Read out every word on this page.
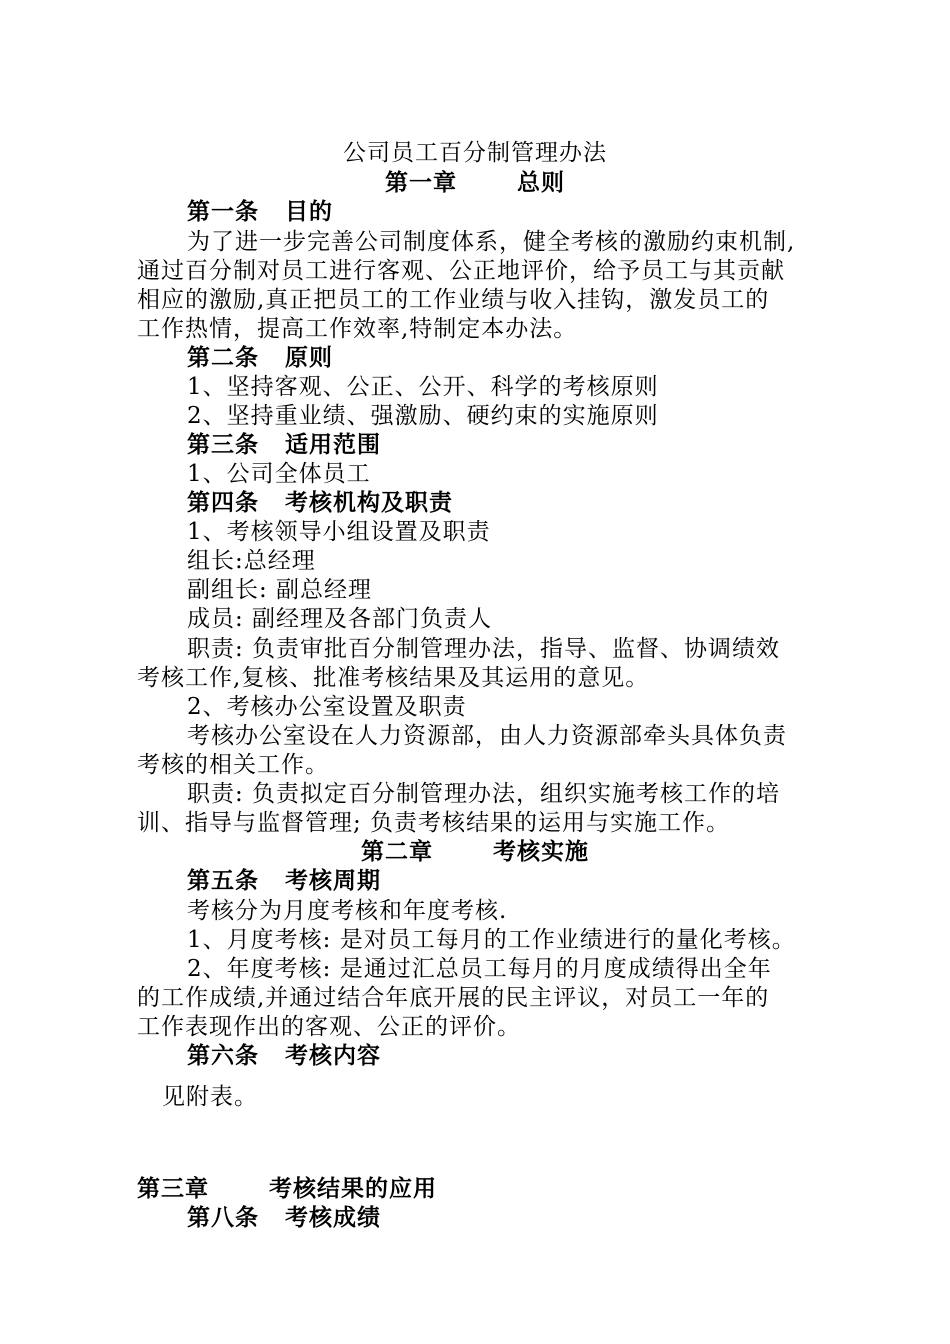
公司员工百分制管理办法
第一章	总则
第一条 目的
为了进一步完善公司制度体系，健全考核的激励约束机制,
通过百分制对员工进行客观、公正地评价，给予员工与其贡献
相应的激励,真正把员工的工作业绩与收入挂钩，激发员工的
工作热情，提高工作效率,特制定本办法。
第二条 原则
1、坚持客观、公正、公开、科学的考核原则
2、坚持重业绩、强激励、硬约束的实施原则
第三条 适用范围
1、公司全体员工
第四条 考核机构及职责
1、考核领导小组设置及职责
组长:总经理
副组长: 副总经理
成员: 副经理及各部门负责人
职责: 负责审批百分制管理办法，指导、监督、协调绩效
考核工作,复核、批准考核结果及其运用的意见。
2、考核办公室设置及职责
考核办公室设在人力资源部，由人力资源部牵头具体负责
考核的相关工作。
职责: 负责拟定百分制管理办法，组织实施考核工作的培
训、指导与监督管理; 负责考核结果的运用与实施工作。
第二章	考核实施
第五条 考核周期
考核分为月度考核和年度考核.
1、月度考核: 是对员工每月的工作业绩进行的量化考核。
2、年度考核: 是通过汇总员工每月的月度成绩得出全年
的工作成绩,并通过结合年底开展的民主评议，对员工一年的
工作表现作出的客观、公正的评价。
第六条 考核内容
见附表。
第三章	考核结果的应用
第八条 考核成绩
